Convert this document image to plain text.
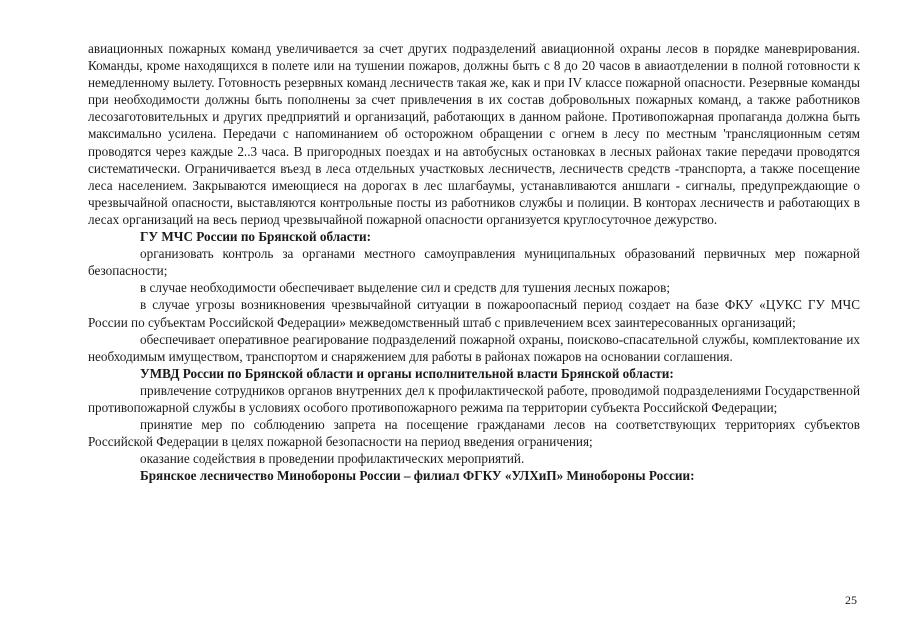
авиационных пожарных команд увеличивается за счет других подразделений авиационной охраны лесов в порядке маневрирования. Команды, кроме находящихся в полете или на тушении пожаров, должны быть с 8 до 20 часов в авиаотделении в полной готовности к немедленному вылету. Готовность резервных команд лесничеств такая же, как и при IV классе пожарной опасности. Резервные команды при необходимости должны быть пополнены за счет привлечения в их состав добровольных пожарных команд, а также работников лесозаготовительных и других предприятий и организаций, работающих в данном районе. Противопожарная пропаганда должна быть максимально усилена. Передачи с напоминанием об осторожном обращении с огнем в лесу по местным 'трансляционным сетям проводятся через каждые 2..3 часа. В пригородных поездах и на автобусных остановках в лесных районах такие передачи проводятся систематически. Ограничивается въезд в леса отдельных участковых лесничеств, лесничеств средств -транспорта, а также посещение леса населением. Закрываются имеющиеся на дорогах в лес шлагбаумы, устанавливаются аншлаги - сигналы, предупреждающие о чрезвычайной опасности, выставляются контрольные посты из работников службы и полиции. В конторах лесничеств и работающих в лесах организаций на весь период чрезвычайной пожарной опасности организуется круглосуточное дежурство.

ГУ МЧС России по Брянской области:

организовать контроль за органами местного самоуправления муниципальных образований первичных мер пожарной безопасности;

в случае необходимости обеспечивает выделение сил и средств для тушения лесных пожаров;

в случае угрозы возникновения чрезвычайной ситуации в пожароопасный период создает на базе ФКУ «ЦУКС ГУ МЧС России по субъектам Российской Федерации» межведомственный штаб с привлечением всех заинтересованных организаций;

обеспечивает оперативное реагирование подразделений пожарной охраны, поисково-спасательной службы, комплектование их необходимым имуществом, транспортом и снаряжением для работы в районах пожаров на основании соглашения.

УМВД России по Брянской области и органы исполнительной власти Брянской области:

привлечение сотрудников органов внутренних дел к профилактической работе, проводимой подразделениями Государственной противопожарной службы в условиях особого противопожарного режима па территории субъекта Российской Федерации;

принятие мер по соблюдению запрета на посещение гражданами лесов на соответствующих территориях субъектов Российской Федерации в целях пожарной безопасности на период введения ограничения;

оказание содействия в проведении профилактических мероприятий.

Брянское лесничество Минобороны России – филиал ФГКУ «УЛХиП» Минобороны России:

25
